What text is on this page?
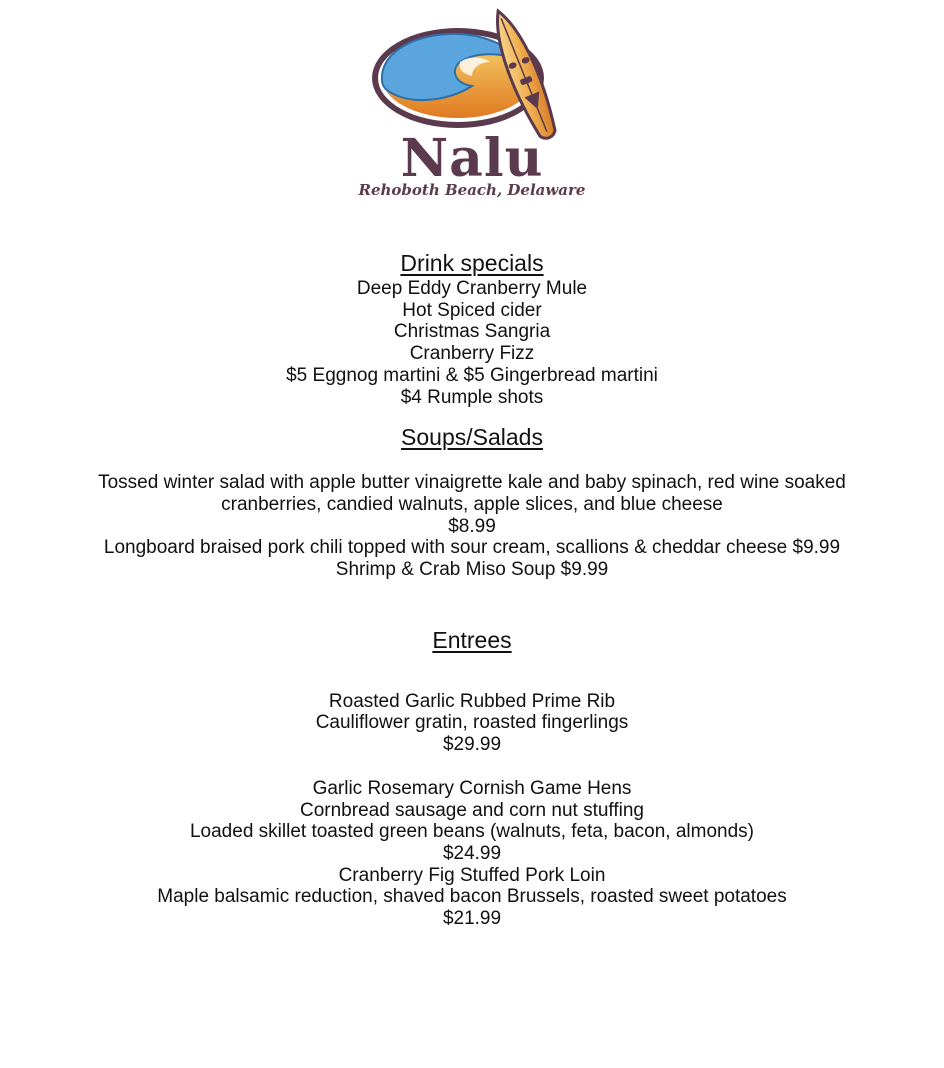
Nalu
Rehoboth Beach, Delaware
Drink specials
Deep Eddy Cranberry Mule
Hot Spiced cider
Christmas Sangria
Cranberry Fizz
$5 Eggnog martini & $5 Gingerbread martini
$4 Rumple shots
Soups/Salads
Tossed winter salad with apple butter vinaigrette kale and baby spinach, red wine soaked
cranberries, candied walnuts, apple slices, and blue cheese
$8.99
Longboard braised pork chili topped with sour cream, scallions & cheddar cheese $9.99
Shrimp & Crab Miso Soup $9.99
Entrees
Roasted Garlic Rubbed Prime Rib
Cauliflower gratin, roasted fingerlings
$29.99
Garlic Rosemary Cornish Game Hens
Cornbread sausage and corn nut stuffing
Loaded skillet toasted green beans (walnuts, feta, bacon, almonds)
$24.99
Cranberry Fig Stuffed Pork Loin
Maple balsamic reduction, shaved bacon Brussels, roasted sweet potatoes
$21.99
